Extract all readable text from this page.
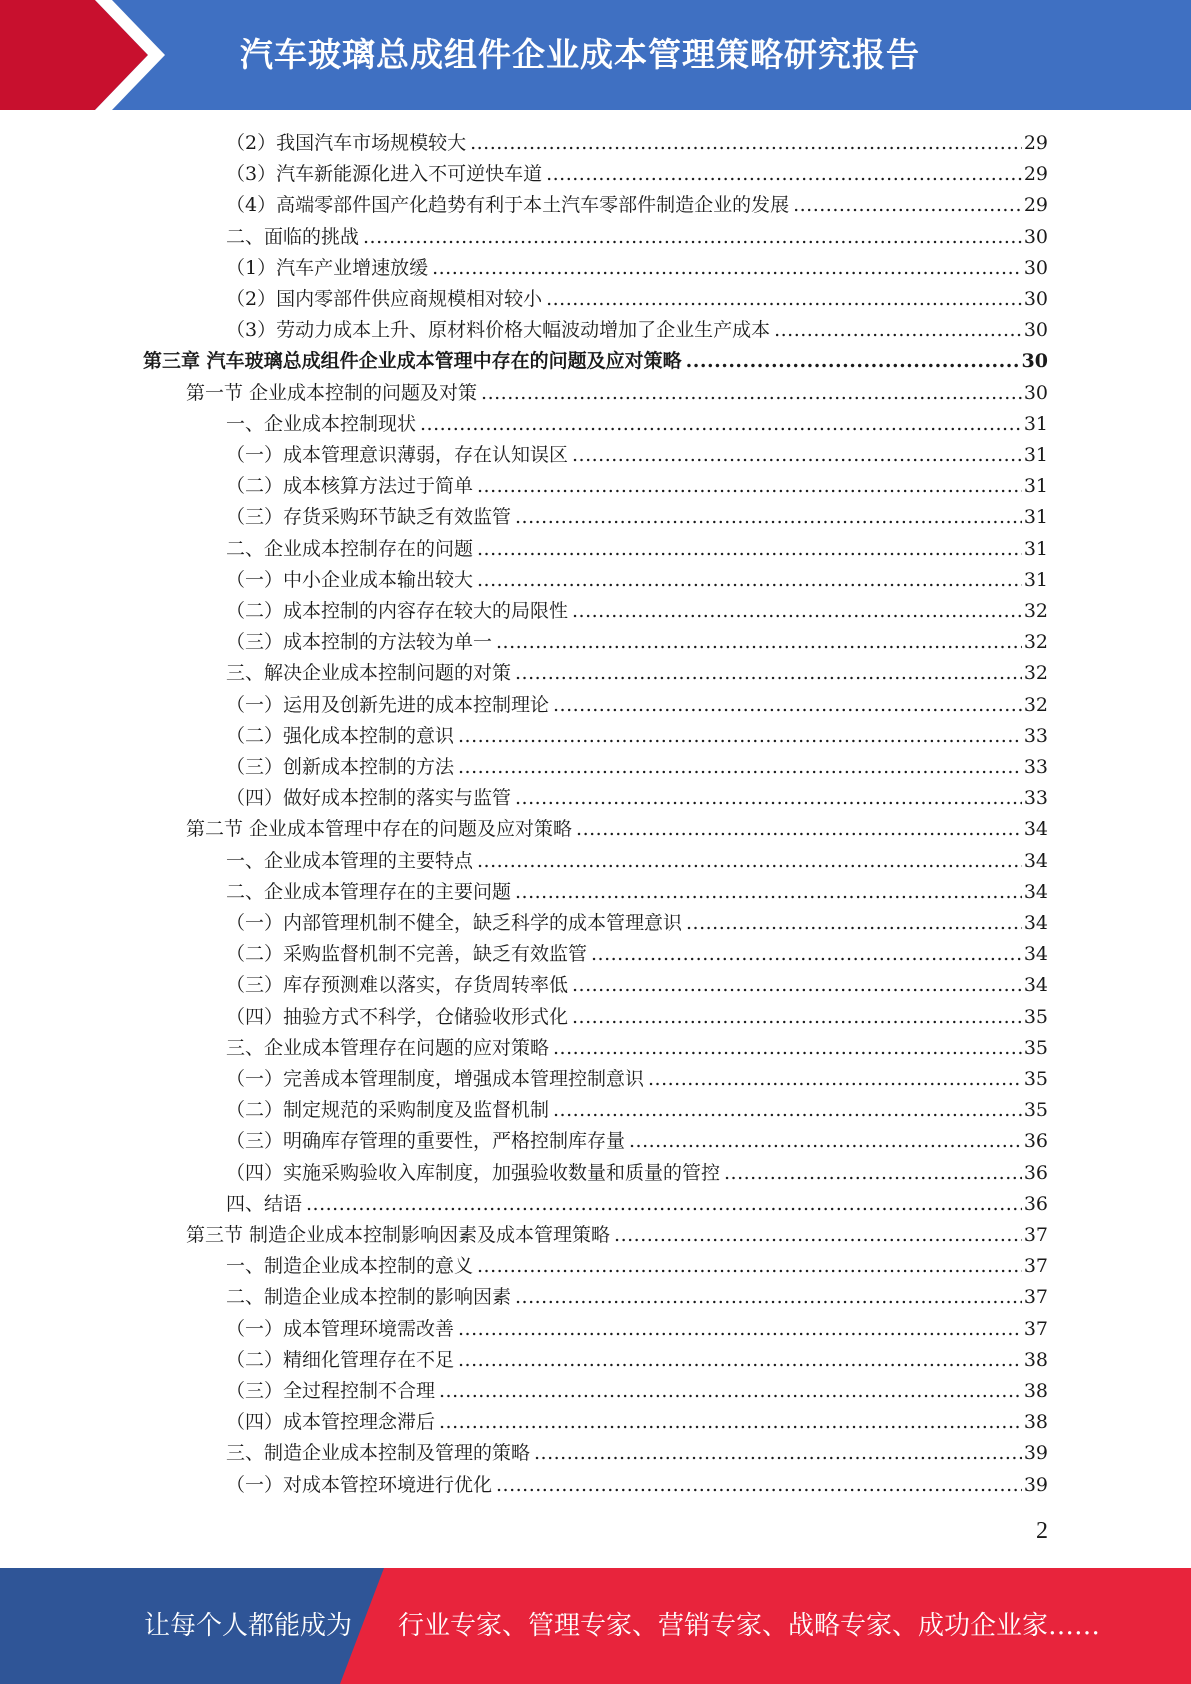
汽车玻璃总成组件企业成本管理策略研究报告
（2）我国汽车市场规模较大 .....	29
（3）汽车新能源化进入不可逆快车道 .....	29
（4）高端零部件国产化趋势有利于本土汽车零部件制造企业的发展 .....	29
二、面临的挑战 .....	30
（1）汽车产业增速放缓 .....	30
（2）国内零部件供应商规模相对较小 .....	30
（3）劳动力成本上升、原材料价格大幅波动增加了企业生产成本 .....	30
第三章 汽车玻璃总成组件企业成本管理中存在的问题及应对策略 .....	30
第一节 企业成本控制的问题及对策 .....	30
一、企业成本控制现状 .....	31
（一）成本管理意识薄弱，存在认知误区 .....	31
（二）成本核算方法过于简单 .....	31
（三）存货采购环节缺乏有效监管 .....	31
二、企业成本控制存在的问题 .....	31
（一）中小企业成本输出较大 .....	31
（二）成本控制的内容存在较大的局限性 .....	32
（三）成本控制的方法较为单一 .....	32
三、解决企业成本控制问题的对策 .....	32
（一）运用及创新先进的成本控制理论 .....	32
（二）强化成本控制的意识 .....	33
（三）创新成本控制的方法 .....	33
（四）做好成本控制的落实与监管 .....	33
第二节 企业成本管理中存在的问题及应对策略 .....	34
一、企业成本管理的主要特点 .....	34
二、企业成本管理存在的主要问题 .....	34
（一）内部管理机制不健全，缺乏科学的成本管理意识 .....	34
（二）采购监督机制不完善，缺乏有效监管 .....	34
（三）库存预测难以落实，存货周转率低 .....	34
（四）抽验方式不科学，仓储验收形式化 .....	35
三、企业成本管理存在问题的应对策略 .....	35
（一）完善成本管理制度，增强成本管理控制意识 .....	35
（二）制定规范的采购制度及监督机制 .....	35
（三）明确库存管理的重要性，严格控制库存量 .....	36
（四）实施采购验收入库制度，加强验收数量和质量的管控 .....	36
四、结语 .....	36
第三节 制造企业成本控制影响因素及成本管理策略 .....	37
一、制造企业成本控制的意义 .....	37
二、制造企业成本控制的影响因素 .....	37
（一）成本管理环境需改善 .....	37
（二）精细化管理存在不足 .....	38
（三）全过程控制不合理 .....	38
（四）成本管控理念滞后 .....	38
三、制造企业成本控制及管理的策略 .....	39
（一）对成本管控环境进行优化 .....	39
2
让每个人都能成为 行业专家、管理专家、营销专家、战略专家、成功企业家……
